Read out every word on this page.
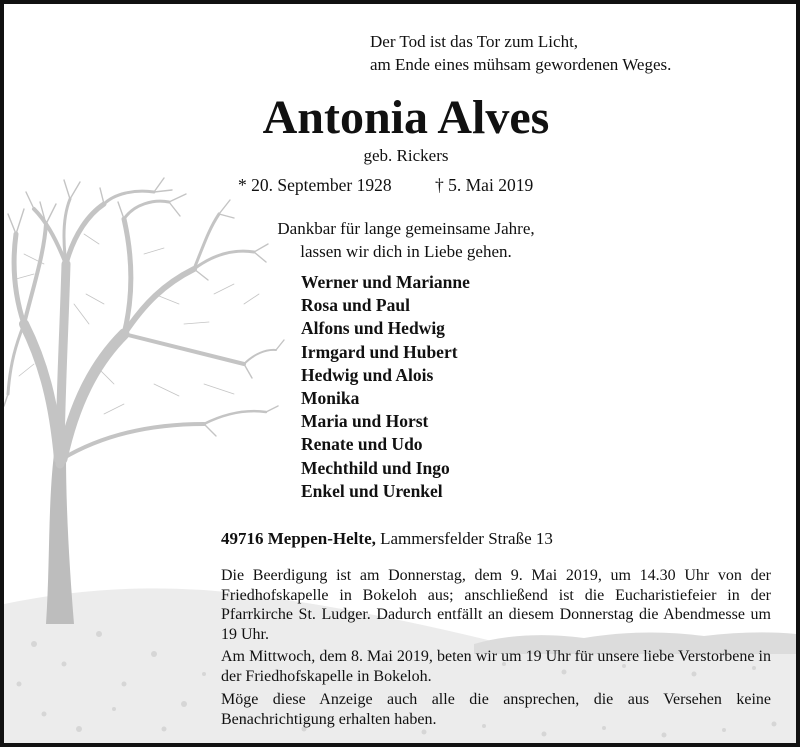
Der Tod ist das Tor zum Licht,
am Ende eines mühsam gewordenen Weges.
Antonia Alves
geb. Rickers
* 20. September 1928 † 5. Mai 2019
Dankbar für lange gemeinsame Jahre,
lassen wir dich in Liebe gehen.
Werner und Marianne
Rosa und Paul
Alfons und Hedwig
Irmgard und Hubert
Hedwig und Alois
Monika
Maria und Horst
Renate und Udo
Mechthild und Ingo
Enkel und Urenkel
49716 Meppen-Helte, Lammersfelder Straße 13

Die Beerdigung ist am Donnerstag, dem 9. Mai 2019, um 14.30 Uhr von der Friedhofskapelle in Bokeloh aus; anschließend ist die Eucharistiefeier in der Pfarrkirche St. Ludger. Dadurch entfällt an diesem Donnerstag die Abendmesse um 19 Uhr.

Am Mittwoch, dem 8. Mai 2019, beten wir um 19 Uhr für unsere liebe Verstorbene in der Friedhofskapelle in Bokeloh.

Möge diese Anzeige auch alle die ansprechen, die aus Versehen keine Benachrichtigung erhalten haben.
